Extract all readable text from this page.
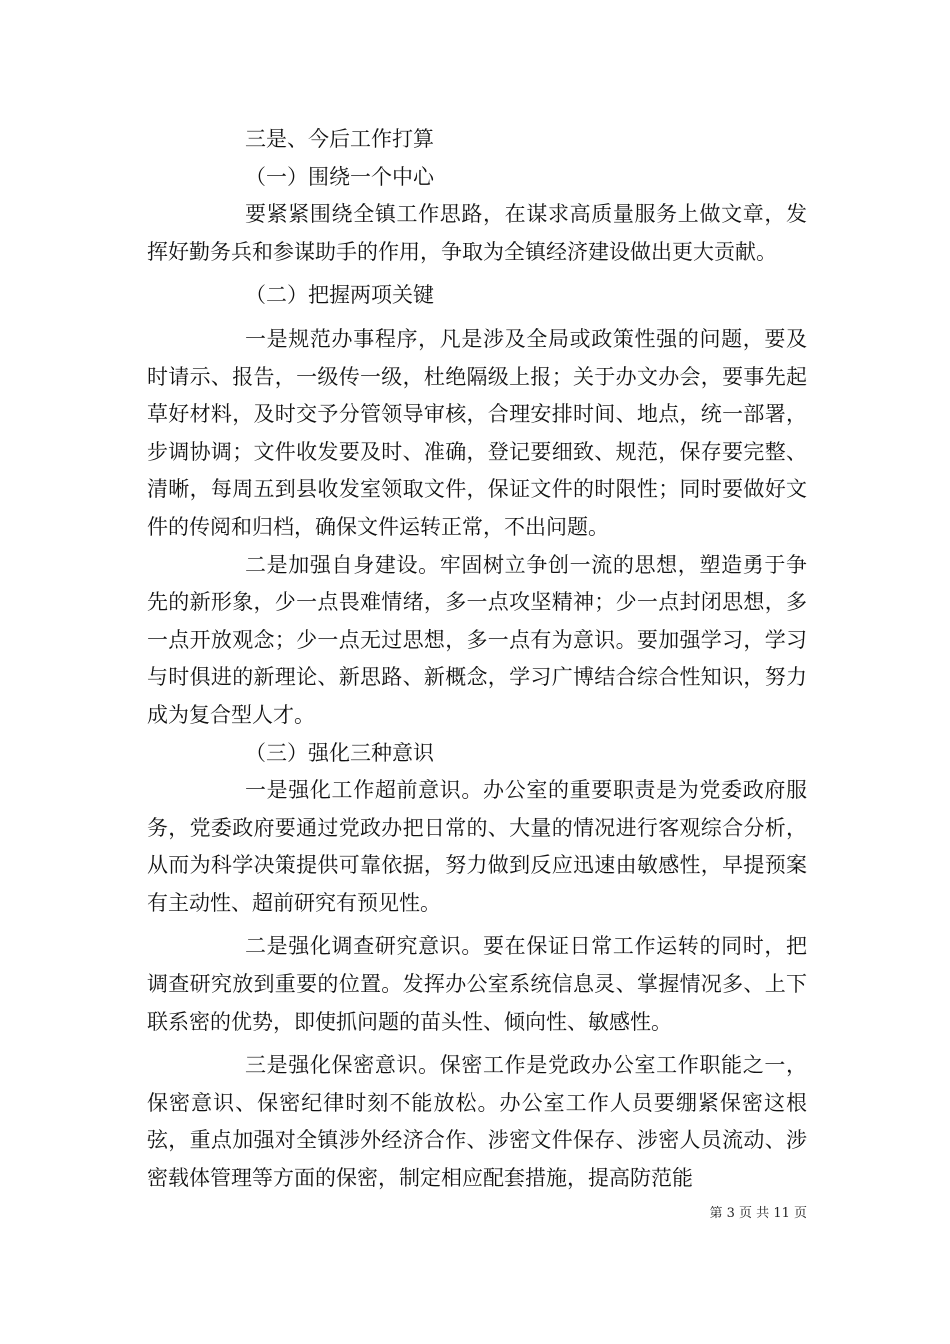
三是、今后工作打算

（一）围绕一个中心

要紧紧围绕全镇工作思路，在谋求高质量服务上做文章，发挥好勤务兵和参谋助手的作用，争取为全镇经济建设做出更大贡献。

（二）把握两项关键

一是规范办事程序，凡是涉及全局或政策性强的问题，要及时请示、报告，一级传一级，杜绝隔级上报；关于办文办会，要事先起草好材料，及时交予分管领导审核，合理安排时间、地点，统一部署，步调协调；文件收发要及时、准确，登记要细致、规范，保存要完整、清晰，每周五到县收发室领取文件，保证文件的时限性；同时要做好文件的传阅和归档，确保文件运转正常，不出问题。

二是加强自身建设。牢固树立争创一流的思想，塑造勇于争先的新形象，少一点畏难情绪，多一点攻坚精神；少一点封闭思想，多一点开放观念；少一点无过思想，多一点有为意识。要加强学习，学习与时俱进的新理论、新思路、新概念，学习广博结合综合性知识，努力成为复合型人才。

（三）强化三种意识

一是强化工作超前意识。办公室的重要职责是为党委政府服务，党委政府要通过党政办把日常的、大量的情况进行客观综合分析，从而为科学决策提供可靠依据，努力做到反应迅速由敏感性，早提预案有主动性、超前研究有预见性。

二是强化调查研究意识。要在保证日常工作运转的同时，把调查研究放到重要的位置。发挥办公室系统信息灵、掌握情况多、上下联系密的优势，即使抓问题的苗头性、倾向性、敏感性。

三是强化保密意识。保密工作是党政办公室工作职能之一，保密意识、保密纪律时刻不能放松。办公室工作人员要绷紧保密这根弦，重点加强对全镇涉外经济合作、涉密文件保存、涉密人员流动、涉密载体管理等方面的保密，制定相应配套措施，提高防范能

第 3 页 共 11 页
